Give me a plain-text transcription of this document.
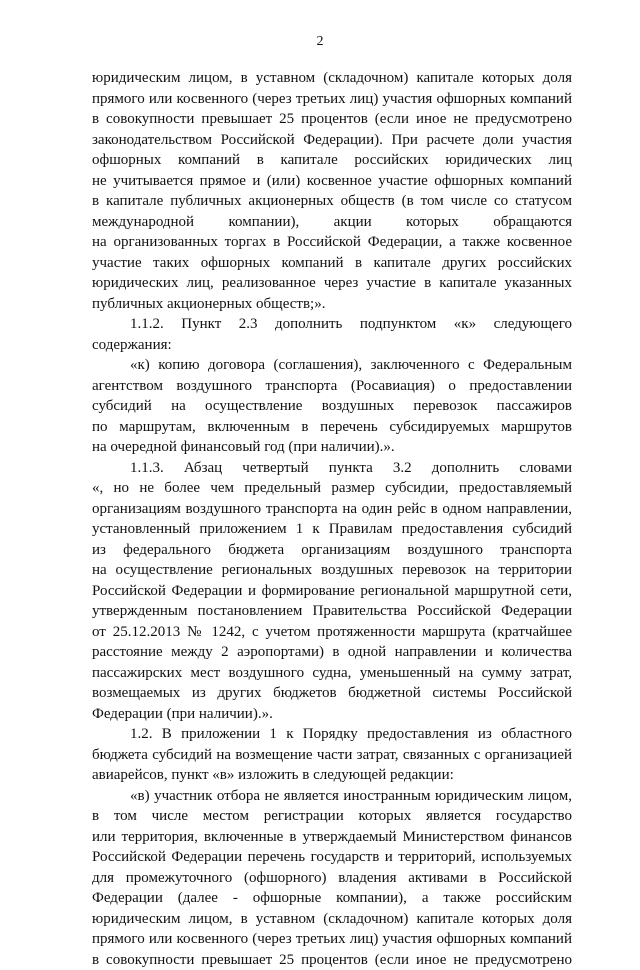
2
юридическим лицом, в уставном (складочном) капитале которых доля
прямого или косвенного (через третьих лиц) участия офшорных компаний
в совокупности превышает 25 процентов (если иное не предусмотрено
законодательством Российской Федерации). При расчете доли участия
офшорных компаний в капитале российских юридических лиц
не учитывается прямое и (или) косвенное участие офшорных компаний
в капитале публичных акционерных обществ (в том числе со статусом
международной компании), акции которых обращаются
на организованных торгах в Российской Федерации, а также косвенное
участие таких офшорных компаний в капитале других российских
юридических лиц, реализованное через участие в капитале указанных
публичных акционерных обществ;».
1.1.2. Пункт 2.3 дополнить подпунктом «к» следующего
содержания:
«к) копию договора (соглашения), заключенного с Федеральным
агентством воздушного транспорта (Росавиация) о предоставлении
субсидий на осуществление воздушных перевозок пассажиров
по маршрутам, включенным в перечень субсидируемых маршрутов
на очередной финансовый год (при наличии).».
1.1.3. Абзац четвертый пункта 3.2 дополнить словами
«, но не более чем предельный размер субсидии, предоставляемый
организациям воздушного транспорта на один рейс в одном направлении,
установленный приложением 1 к Правилам предоставления субсидий
из федерального бюджета организациям воздушного транспорта
на осуществление региональных воздушных перевозок на территории
Российской Федерации и формирование региональной маршрутной сети,
утвержденным постановлением Правительства Российской Федерации
от 25.12.2013 № 1242, с учетом протяженности маршрута (кратчайшее
расстояние между 2 аэропортами) в одной направлении и количества
пассажирских мест воздушного судна, уменьшенный на сумму затрат,
возмещаемых из других бюджетов бюджетной системы Российской
Федерации (при наличии).».
1.2. В приложении 1 к Порядку предоставления из областного
бюджета субсидий на возмещение части затрат, связанных с организацией
авиарейсов, пункт «в» изложить в следующей редакции:
«в) участник отбора не является иностранным юридическим лицом,
в том числе местом регистрации которых является государство
или территория, включенные в утверждаемый Министерством финансов
Российской Федерации перечень государств и территорий, используемых
для промежуточного (офшорного) владения активами в Российской
Федерации (далее - офшорные компании), а также российским
юридическим лицом, в уставном (складочном) капитале которых доля
прямого или косвенного (через третьих лиц) участия офшорных компаний
в совокупности превышает 25 процентов (если иное не предусмотрено
